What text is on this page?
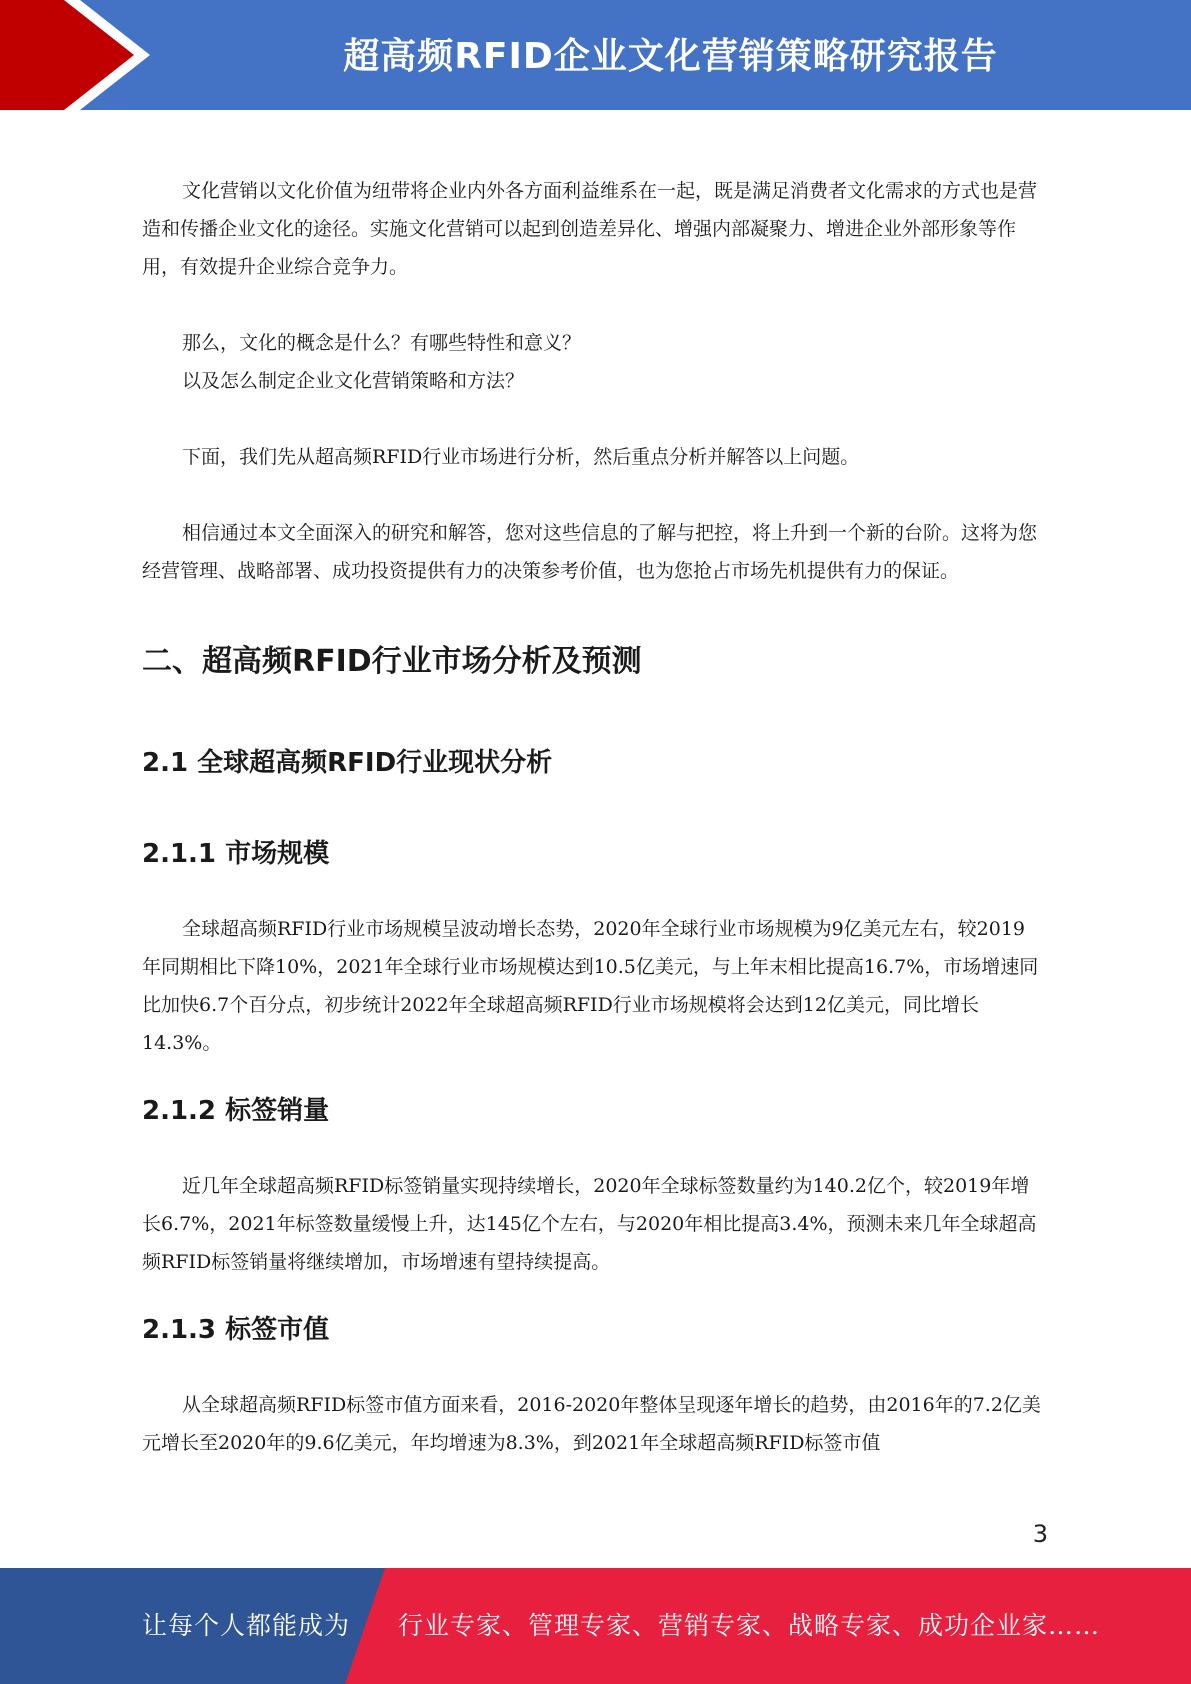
超高频RFID企业文化营销策略研究报告

文化营销以文化价值为纽带将企业内外各方面利益维系在一起，既是满足消费者文化需求的方式也是营造和传播企业文化的途径。实施文化营销可以起到创造差异化、增强内部凝聚力、增进企业外部形象等作用，有效提升企业综合竞争力。

那么，文化的概念是什么？有哪些特性和意义？

以及怎么制定企业文化营销策略和方法？

下面，我们先从超高频RFID行业市场进行分析，然后重点分析并解答以上问题。

相信通过本文全面深入的研究和解答，您对这些信息的了解与把控，将上升到一个新的台阶。这将为您经营管理、战略部署、成功投资提供有力的决策参考价值，也为您抢占市场先机提供有力的保证。

二、超高频RFID行业市场分析及预测
2.1 全球超高频RFID行业现状分析
2.1.1 市场规模

全球超高频RFID行业市场规模呈波动增长态势，2020年全球行业市场规模为9亿美元左右，较2019年同期相比下降10%，2021年全球行业市场规模达到10.5亿美元，与上年末相比提高16.7%，市场增速同比加快6.7个百分点，初步统计2022年全球超高频RFID行业市场规模将会达到12亿美元，同比增长14.3%。

2.1.2 标签销量

近几年全球超高频RFID标签销量实现持续增长，2020年全球标签数量约为140.2亿个，较2019年增长6.7%，2021年标签数量缓慢上升，达145亿个左右，与2020年相比提高3.4%，预测未来几年全球超高频RFID标签销量将继续增加，市场增速有望持续提高。

2.1.3 标签市值

从全球超高频RFID标签市值方面来看，2016-2020年整体呈现逐年增长的趋势，由2016年的7.2亿美元增长至2020年的9.6亿美元，年均增速为8.3%，到2021年全球超高频RFID标签市值

3
让每个人都能成为 行业专家、管理专家、营销专家、战略专家、成功企业家……
